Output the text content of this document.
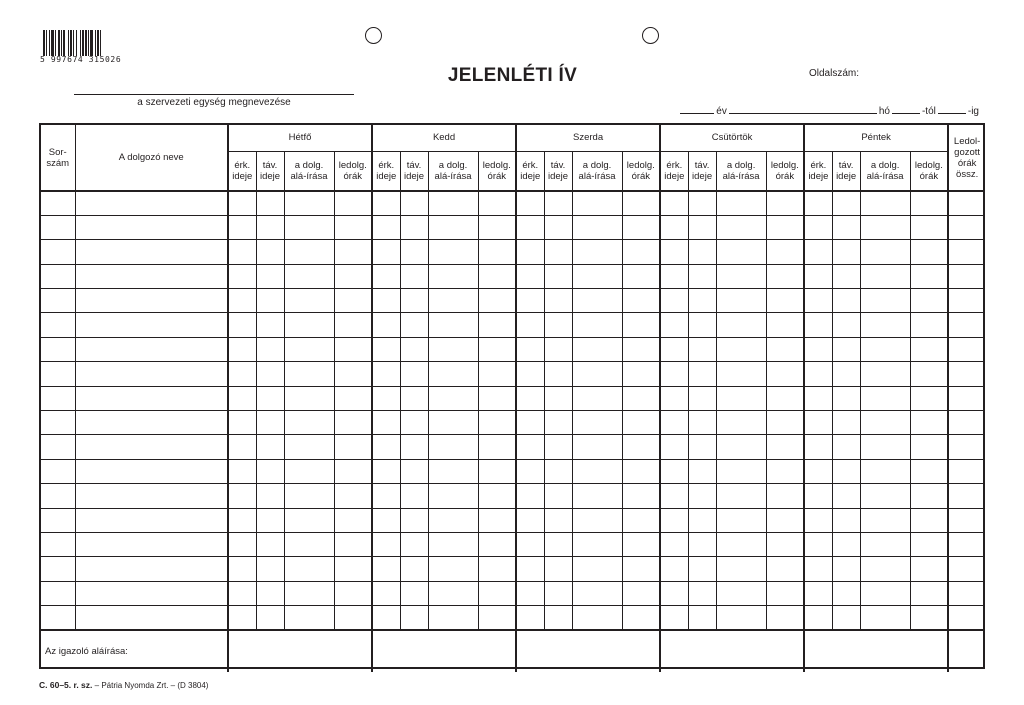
5 997674 315026
JELENLÉTI ÍV	Oldalszám:
a szervezeti egység megnevezése
év	hó	-tól	-ig
Sor-
szám	A dolgozó neve	Hétfő				Kedd				Szerda				Csütörtök				Péntek				Ledol-
gozott
órák
össz.
		érk. ideje	táv. ideje	a dolg. alá-írása	ledolg. órák	érk. ideje	táv. ideje	a dolg. alá-írása	ledolg. órák	érk. ideje	táv. ideje	a dolg. alá-írása	ledolg. órák	érk. ideje	táv. ideje	a dolg. alá-írása	ledolg. órák	érk. ideje	táv. ideje	a dolg. alá-írása	ledolg. órák	

Az igazoló aláírása:																						
C. 60–5. r. sz. – Pátria Nyomda Zrt. – (D 3804)
